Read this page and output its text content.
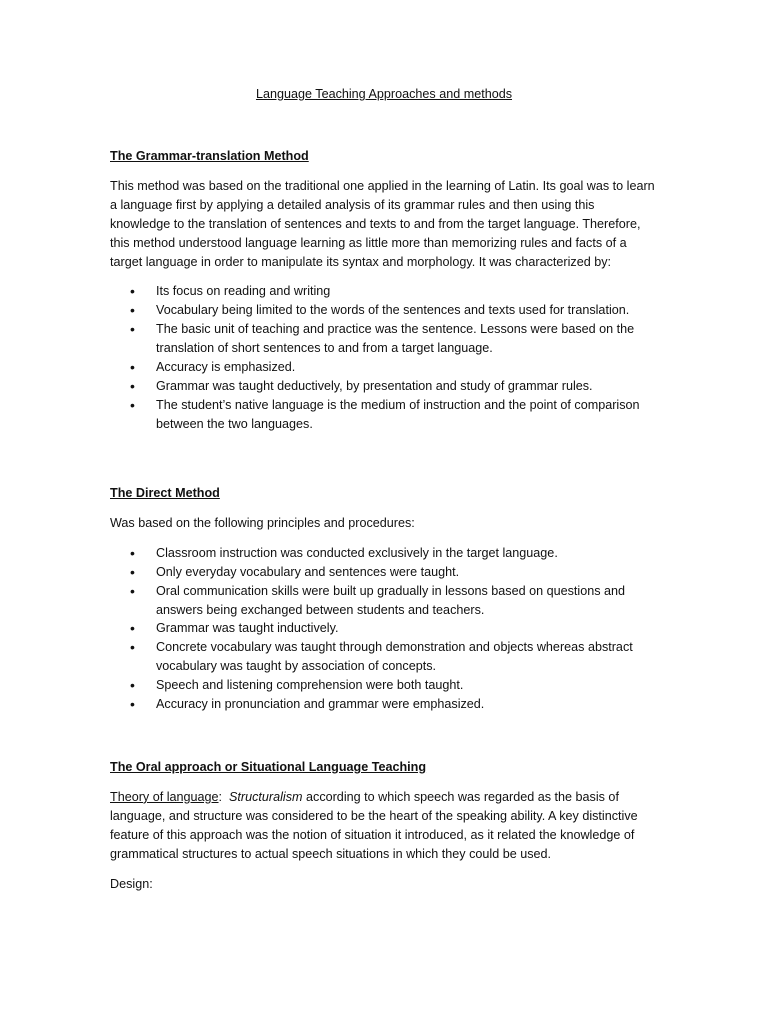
Language Teaching Approaches and methods

The Grammar-translation Method

This method was based on the traditional one applied in the learning of Latin. Its goal was to learn a language first by applying a detailed analysis of its grammar rules and then using this knowledge to the translation of sentences and texts to and from the target language. Therefore, this method understood language learning as little more than memorizing rules and facts of a target language in order to manipulate its syntax and morphology. It was characterized by:

• Its focus on reading and writing
• Vocabulary being limited to the words of the sentences and texts used for translation.
• The basic unit of teaching and practice was the sentence. Lessons were based on the translation of short sentences to and from a target language.
• Accuracy is emphasized.
• Grammar was taught deductively, by presentation and study of grammar rules.
• The student’s native language is the medium of instruction and the point of comparison between the two languages.

The Direct Method

Was based on the following principles and procedures:

• Classroom instruction was conducted exclusively in the target language.
• Only everyday vocabulary and sentences were taught.
• Oral communication skills were built up gradually in lessons based on questions and answers being exchanged between students and teachers.
• Grammar was taught inductively.
• Concrete vocabulary was taught through demonstration and objects whereas abstract vocabulary was taught by association of concepts.
• Speech and listening comprehension were both taught.
• Accuracy in pronunciation and grammar were emphasized.

The Oral approach or Situational Language Teaching

Theory of language:  Structuralism according to which speech was regarded as the basis of language, and structure was considered to be the heart of the speaking ability. A key distinctive feature of this approach was the notion of situation it introduced, as it related the knowledge of grammatical structures to actual speech situations in which they could be used.

Design:
